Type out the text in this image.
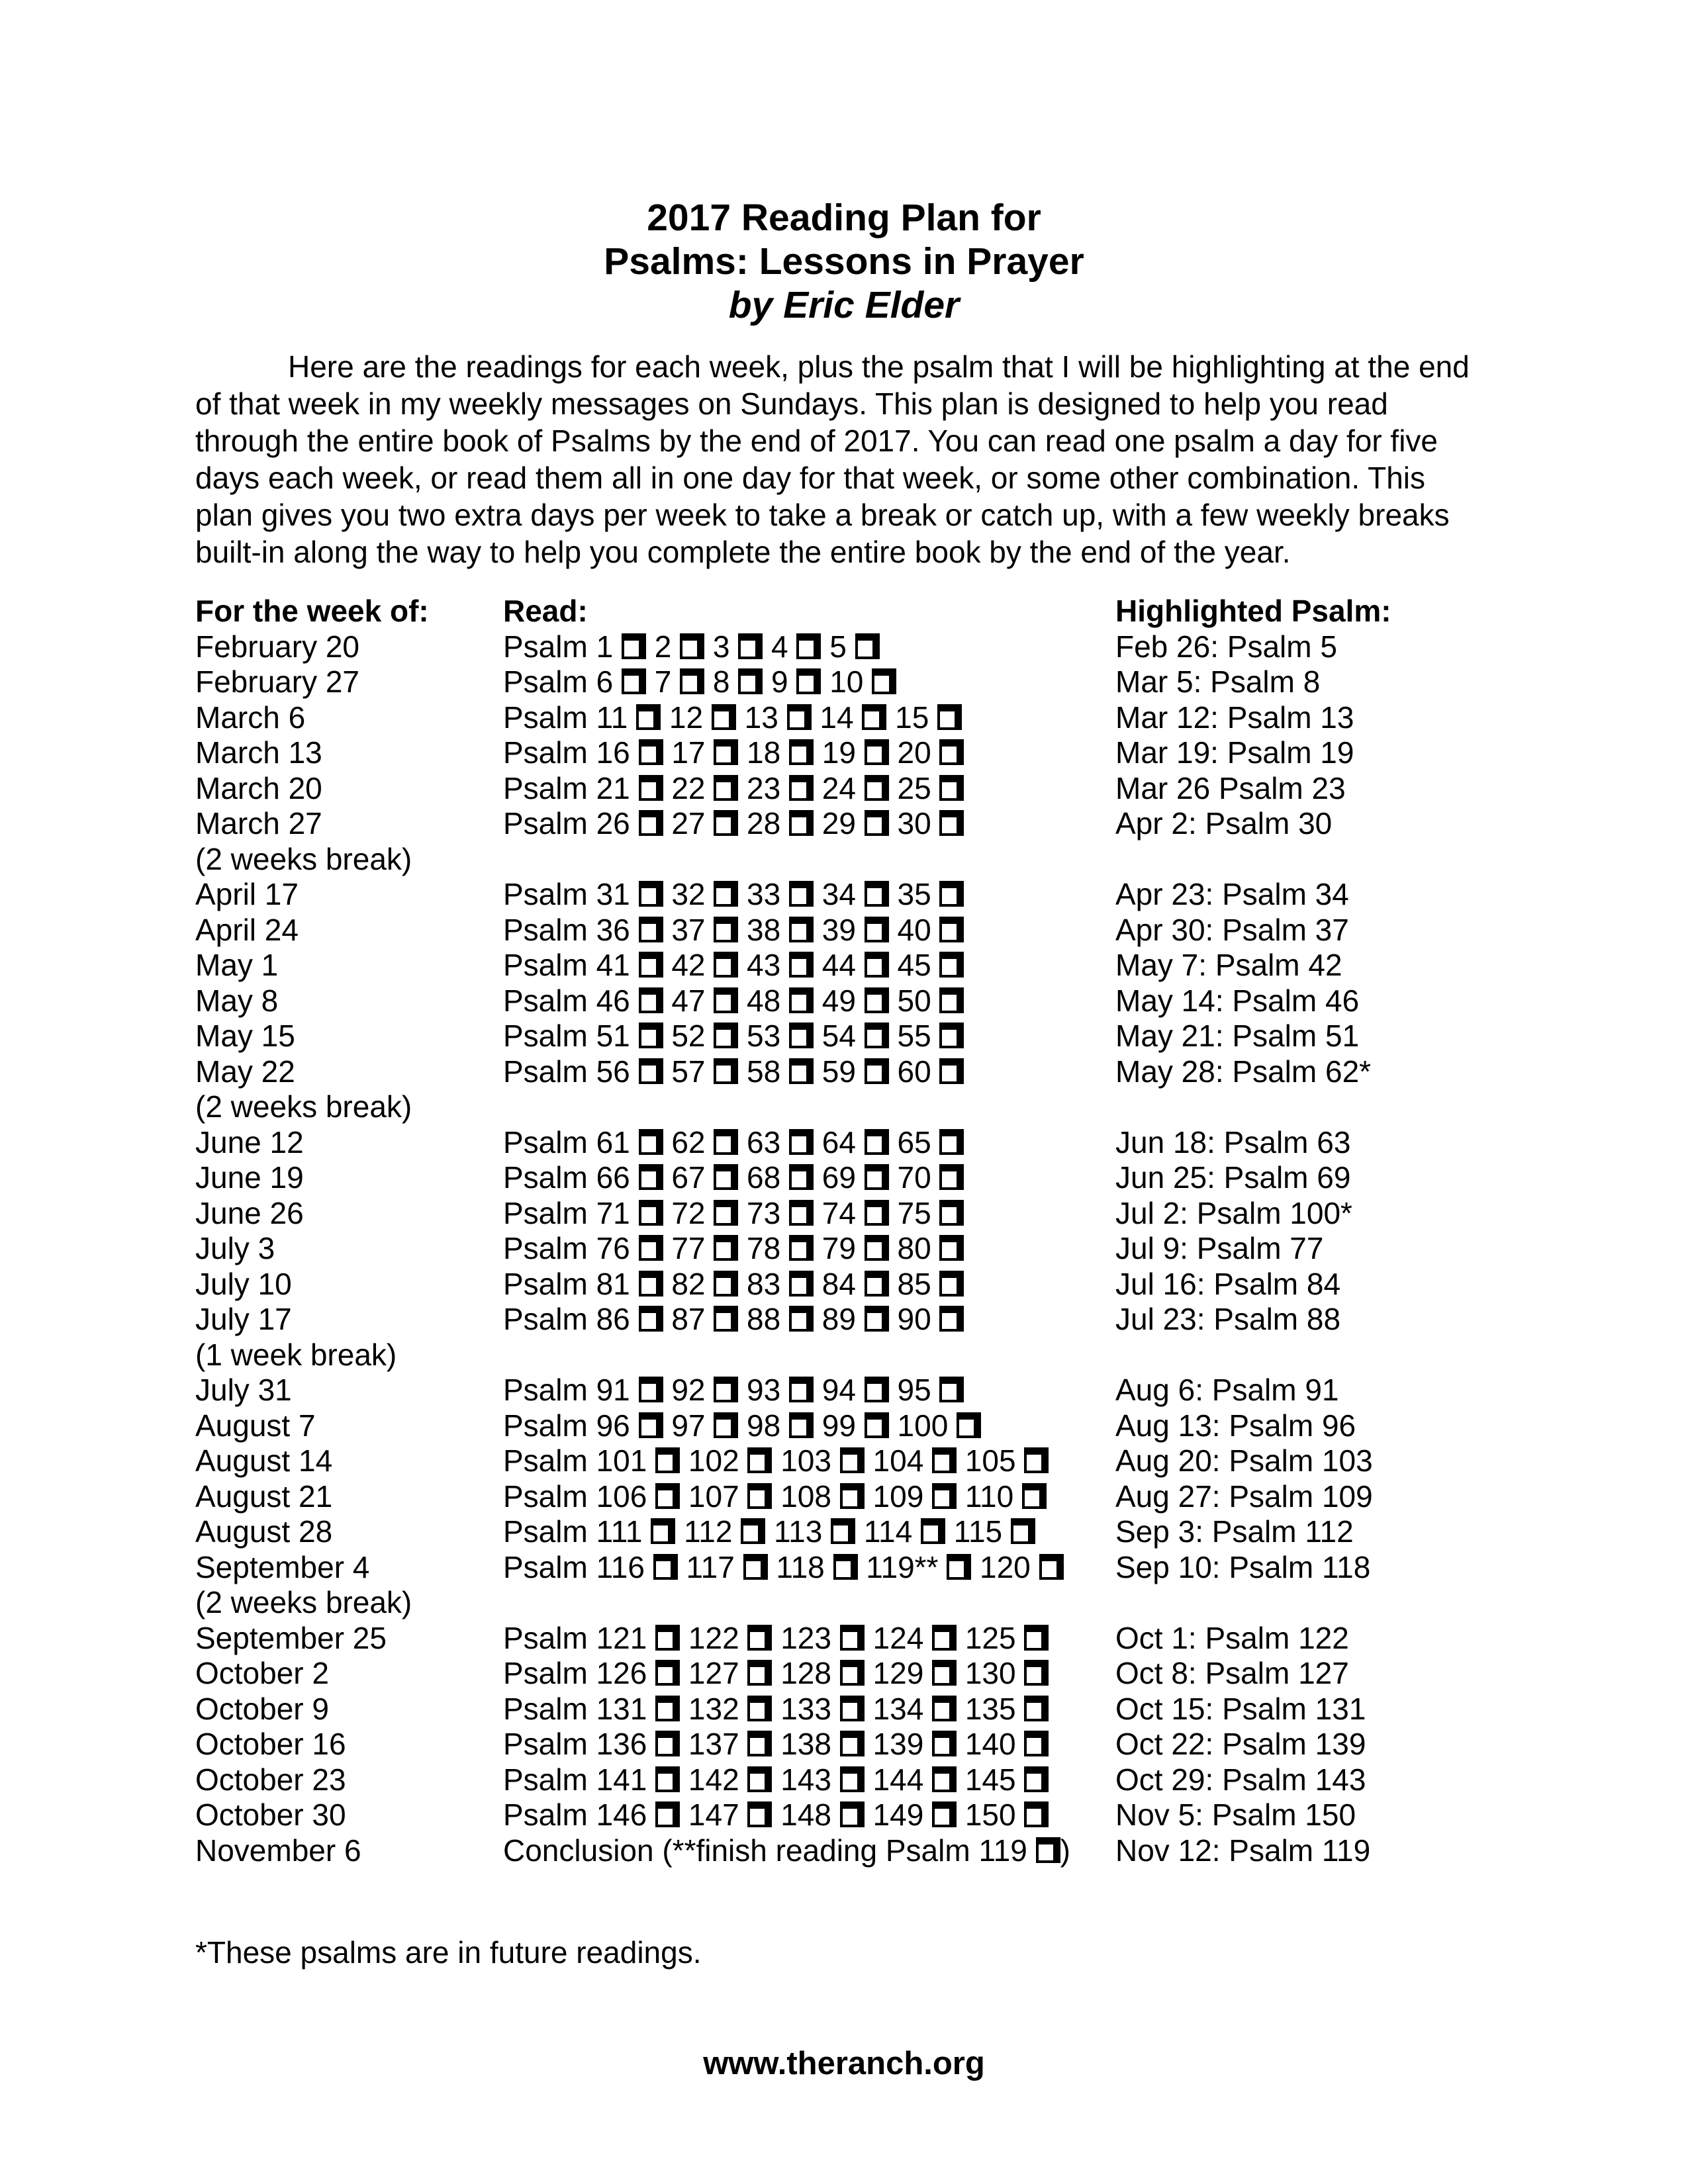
2017 Reading Plan for
Psalms: Lessons in Prayer
by Eric Elder
Here are the readings for each week, plus the psalm that I will be highlighting at the end
of that week in my weekly messages on Sundays. This plan is designed to help you read
through the entire book of Psalms by the end of 2017. You can read one psalm a day for five
days each week, or read them all in one day for that week, or some other combination. This
plan gives you two extra days per week to take a break or catch up, with a few weekly breaks
built-in along the way to help you complete the entire book by the end of the year.
For the week of:	Read:	Highlighted Psalm:
February 20	Psalm 1  2  3  4  5	Feb 26: Psalm 5
February 27	Psalm 6  7  8  9  10	Mar 5: Psalm 8
March 6	Psalm 11  12  13  14  15	Mar 12: Psalm 13
March 13	Psalm 16  17  18  19  20	Mar 19: Psalm 19
March 20	Psalm 21  22  23  24  25	Mar 26 Psalm 23
March 27	Psalm 26  27  28  29  30	Apr 2: Psalm 30
(2 weeks break)
April 17	Psalm 31  32  33  34  35	Apr 23: Psalm 34
April 24	Psalm 36  37  38  39  40	Apr 30: Psalm 37
May 1	Psalm 41  42  43  44  45	May 7: Psalm 42
May 8	Psalm 46  47  48  49  50	May 14: Psalm 46
May 15	Psalm 51  52  53  54  55	May 21: Psalm 51
May 22	Psalm 56  57  58  59  60	May 28: Psalm 62*
(2 weeks break)
June 12	Psalm 61  62  63  64  65	Jun 18: Psalm 63
June 19	Psalm 66  67  68  69  70	Jun 25: Psalm 69
June 26	Psalm 71  72  73  74  75	Jul 2: Psalm 100*
July 3	Psalm 76  77  78  79  80	Jul 9: Psalm 77
July 10	Psalm 81  82  83  84  85	Jul 16: Psalm 84
July 17	Psalm 86  87  88  89  90	Jul 23: Psalm 88
(1 week break)
July 31	Psalm 91  92  93  94  95	Aug 6: Psalm 91
August 7	Psalm 96  97  98  99  100	Aug 13: Psalm 96
August 14	Psalm 101  102  103  104  105	Aug 20: Psalm 103
August 21	Psalm 106  107  108  109  110	Aug 27: Psalm 109
August 28	Psalm 111  112  113  114  115	Sep 3: Psalm 112
September 4	Psalm 116  117  118  119**  120	Sep 10: Psalm 118
(2 weeks break)
September 25	Psalm 121  122  123  124  125	Oct 1: Psalm 122
October 2	Psalm 126  127  128  129  130	Oct 8: Psalm 127
October 9	Psalm 131  132  133  134  135	Oct 15: Psalm 131
October 16	Psalm 136  137  138  139  140	Oct 22: Psalm 139
October 23	Psalm 141  142  143  144  145	Oct 29: Psalm 143
October 30	Psalm 146  147  148  149  150	Nov 5: Psalm 150
November 6	Conclusion (**finish reading Psalm 119 )	Nov 12: Psalm 119
*These psalms are in future readings.
www.theranch.org
